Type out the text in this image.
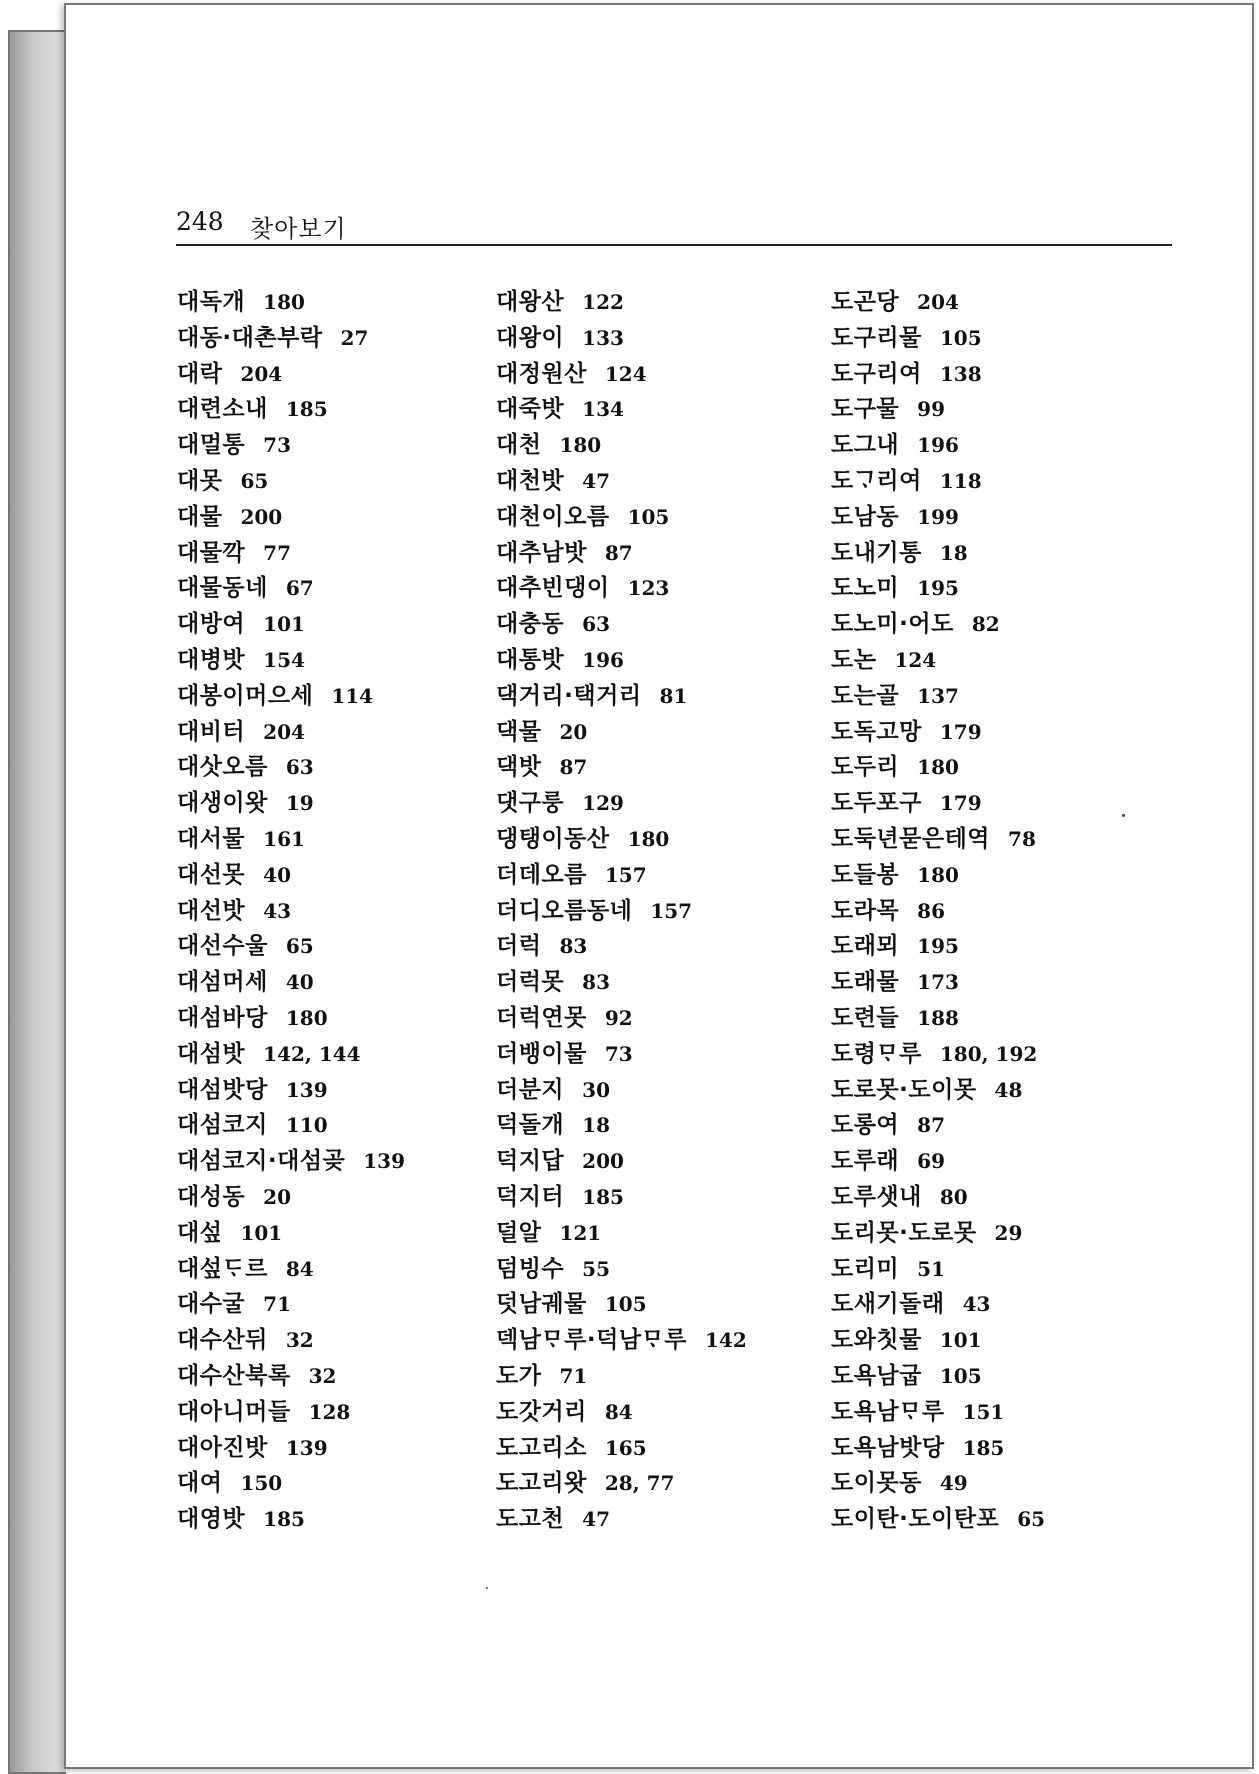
248 찾아보기
대독개 180
대동·대촌부락 27
대락 204
대련소내 185
대멀통 73
대못 65
대물 200
대물깍 77
대물동네 67
대방여 101
대병밧 154
대봉이머으세 114
대비터 204
대삿오름 63
대생이왓 19
대서물 161
대선못 40
대선밧 43
대선수울 65
대섬머세 40
대섬바당 180
대섬밧 142, 144
대섬밧당 139
대섬코지 110
대섬코지·대섬곶 139
대성동 20
대섶 101
대섶ᄃᆞ르 84
대수굴 71
대수산뒤 32
대수산북록 32
대아니머들 128
대아진밧 139
대여 150
대영밧 185
대왕산 122
대왕이 133
대정원산 124
대죽밧 134
대천 180
대천밧 47
대천이오름 105
대추남밧 87
대추빈댕이 123
대충동 63
대통밧 196
댁거리·택거리 81
댁물 20
댁밧 87
댓구룽 129
댕탱이동산 180
더데오름 157
더디오름동네 157
더럭 83
더럭못 83
더럭연못 92
더뱅이물 73
더분지 30
덕돌개 18
덕지답 200
덕지터 185
덜알 121
덤빙수 55
덧남궤물 105
덱남ᄆᆞ루·덕남ᄆᆞ루 142
도가 71
도갓거리 84
도고리소 165
도고리왓 28, 77
도고천 47
도곤당 204
도구리물 105
도구리여 138
도구물 99
도그내 196
도ᄀᆞ리여 118
도남동 199
도내기통 18
도노미 195
도노미·어도 82
도논 124
도는골 137
도독고망 179
도두리 180
도두포구 179
도둑년묻은테역 78
도들봉 180
도라목 86
도래뫼 195
도래물 173
도련들 188
도령ᄆᆞ루 180, 192
도로못·도이못 48
도롱여 87
도루래 69
도루샛내 80
도리못·도로못 29
도리미 51
도새기돌래 43
도와칫물 101
도욕남굽 105
도욕남ᄆᆞ루 151
도욕남밧당 185
도이못동 49
도이탄·도이탄포 65
